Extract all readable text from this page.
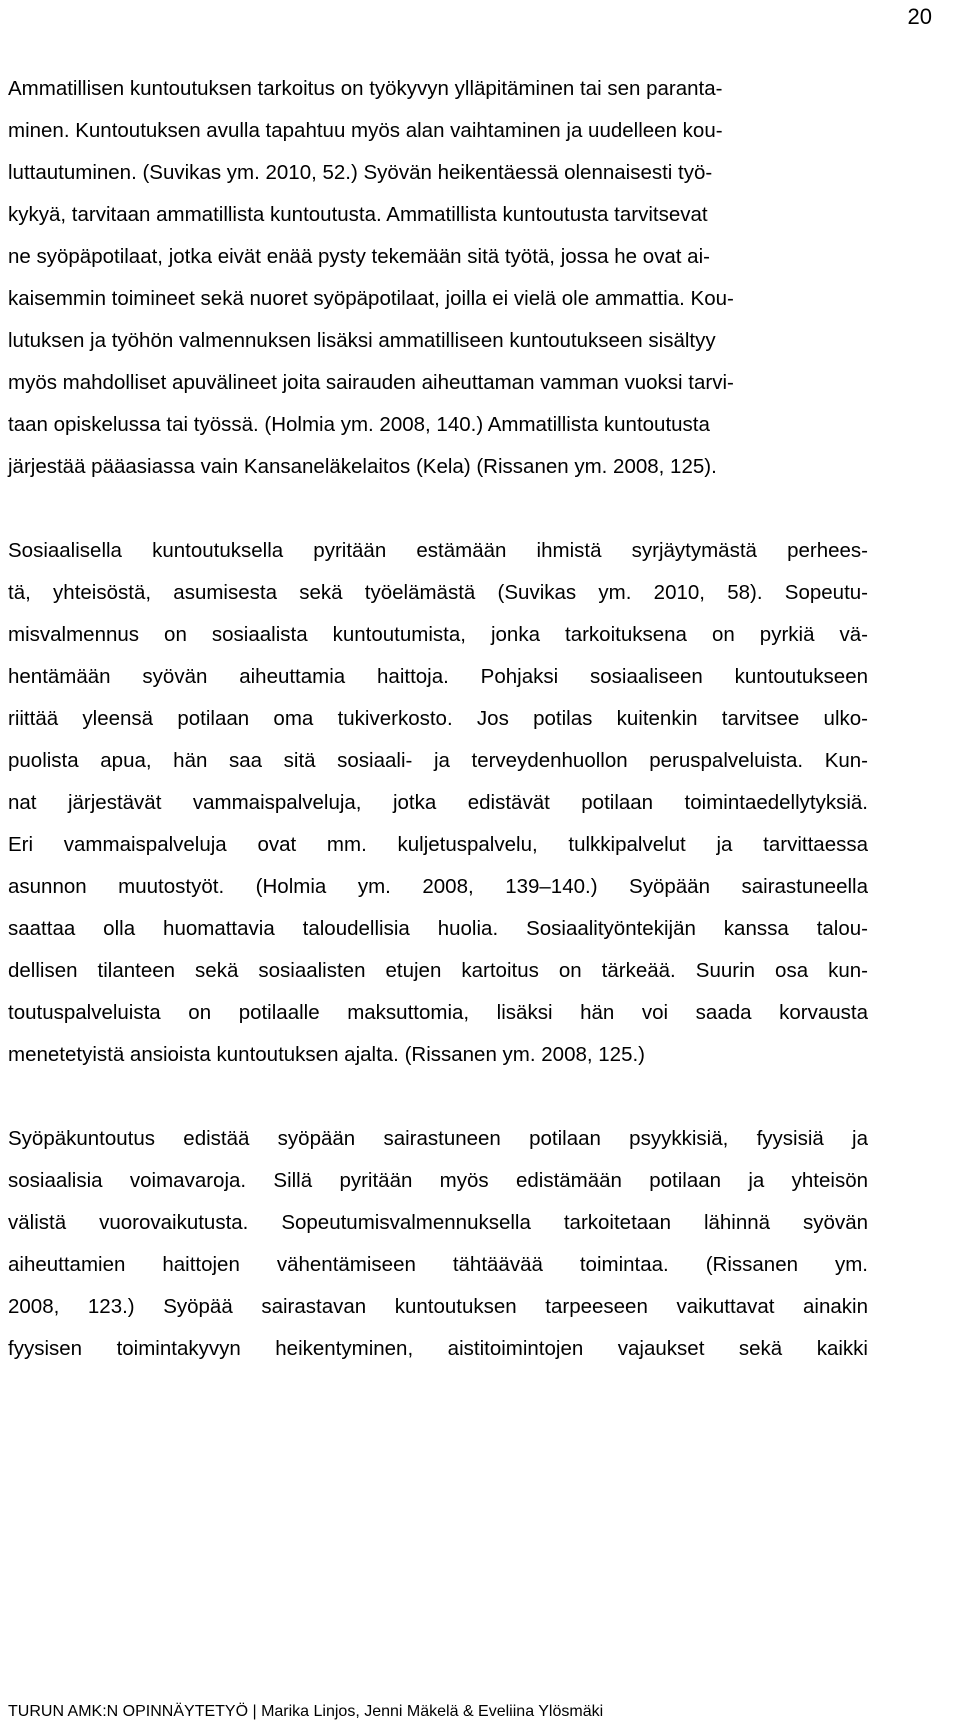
20
Ammatillisen kuntoutuksen tarkoitus on työkyvyn ylläpitäminen tai sen paranta-
minen. Kuntoutuksen avulla tapahtuu myös alan vaihtaminen ja uudelleen kou-
luttautuminen. (Suvikas ym. 2010, 52.) Syövän heikentäessä olennaisesti työ-
kykyä, tarvitaan ammatillista kuntoutusta. Ammatillista kuntoutusta tarvitsevat
ne syöpäpotilaat, jotka eivät enää pysty tekemään sitä työtä, jossa he ovat ai-
kaisemmin toimineet sekä nuoret syöpäpotilaat, joilla ei vielä ole ammattia. Kou-
lutuksen ja työhön valmennuksen lisäksi ammatilliseen kuntoutukseen sisältyy
myös mahdolliset apuvälineet joita sairauden aiheuttaman vamman vuoksi tarvi-
taan opiskelussa tai työssä. (Holmia ym. 2008, 140.) Ammatillista kuntoutusta
järjestää pääasiassa vain Kansaneläkelaitos (Kela) (Rissanen ym. 2008, 125).
Sosiaalisella kuntoutuksella pyritään estämään ihmistä syrjäytymästä perhees-
tä, yhteisöstä, asumisesta sekä työelämästä (Suvikas ym. 2010, 58). Sopeutu-
misvalmennus on sosiaalista kuntoutumista, jonka tarkoituksena on pyrkiä vä-
hentämään syövän aiheuttamia haittoja. Pohjaksi sosiaaliseen kuntoutukseen
riittää yleensä potilaan oma tukiverkosto. Jos potilas kuitenkin tarvitsee ulko-
puolista apua, hän saa sitä sosiaali- ja terveydenhuollon peruspalveluista. Kun-
nat järjestävät vammaispalveluja, jotka edistävät potilaan toimintaedellytyksiä.
Eri vammaispalveluja ovat mm. kuljetuspalvelu, tulkkipalvelut ja tarvittaessa
asunnon muutostyöt. (Holmia ym. 2008, 139–140.) Syöpään sairastuneella
saattaa olla huomattavia taloudellisia huolia. Sosiaalityöntekijän kanssa talou-
dellisen tilanteen sekä sosiaalisten etujen kartoitus on tärkeää. Suurin osa kun-
toutuspalveluista on potilaalle maksuttomia, lisäksi hän voi saada korvausta
menetetyistä ansioista kuntoutuksen ajalta. (Rissanen ym. 2008, 125.)
Syöpäkuntoutus edistää syöpään sairastuneen potilaan psyykkisiä, fyysisiä ja
sosiaalisia voimavaroja. Sillä pyritään myös edistämään potilaan ja yhteisön
välistä vuorovaikutusta. Sopeutumisvalmennuksella tarkoitetaan lähinnä syövän
aiheuttamien haittojen vähentämiseen tähtäävää toimintaa. (Rissanen ym.
2008, 123.) Syöpää sairastavan kuntoutuksen tarpeeseen vaikuttavat ainakin
fyysisen toimintakyvyn heikentyminen, aistitoimintojen vajaukset sekä kaikki
TURUN AMK:N OPINNÄYTETYÖ | Marika Linjos, Jenni Mäkelä & Eveliina Ylösmäki
